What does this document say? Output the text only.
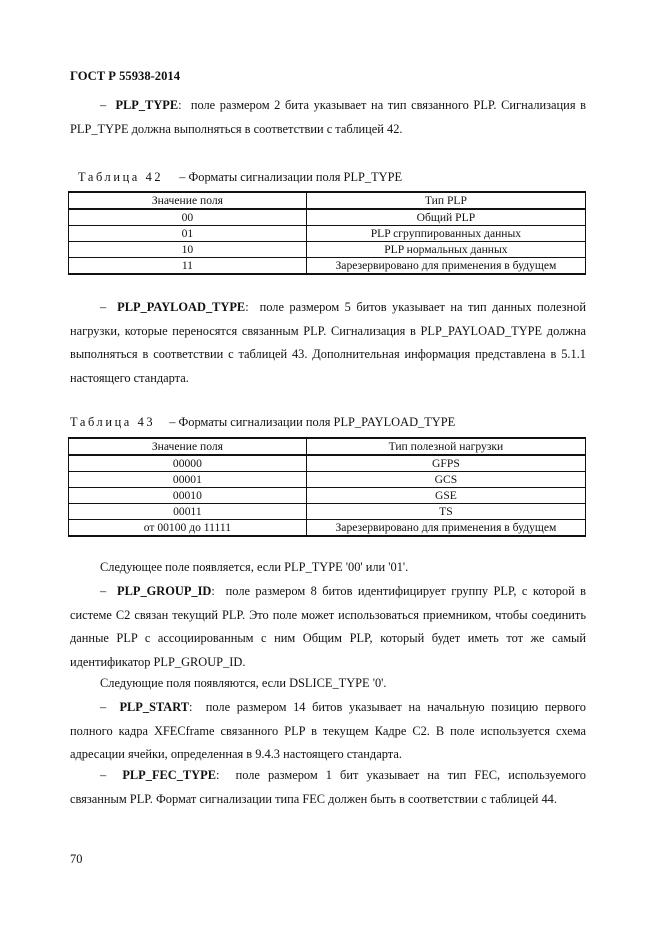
ГОСТ Р 55938-2014

– PLP_TYPE: поле размером 2 бита указывает на тип связанного PLP. Сигнализация в PLP_TYPE должна выполняться в соответствии с таблицей 42.

Таблица 42 – Форматы сигнализации поля PLP_TYPE
Значение поля	Тип PLP
00	Общий PLP
01	PLP сгруппированных данных
10	PLP нормальных данных
11	Зарезервировано для применения в будущем

– PLP_PAYLOAD_TYPE: поле размером 5 битов указывает на тип данных полезной нагрузки, которые переносятся связанным PLP. Сигнализация в PLP_PAYLOAD_TYPE должна выполняться в соответствии с таблицей 43. Дополнительная информация представлена в 5.1.1 настоящего стандарта.

Таблица 43 – Форматы сигнализации поля PLP_PAYLOAD_TYPE
Значение поля	Тип полезной нагрузки
00000	GFPS
00001	GCS
00010	GSE
00011	TS
от 00100 до 11111	Зарезервировано для применения в будущем

Следующее поле появляется, если PLP_TYPE '00' или '01'.

– PLP_GROUP_ID: поле размером 8 битов идентифицирует группу PLP, с которой в системе C2 связан текущий PLP. Это поле может использоваться приемником, чтобы соединить данные PLP с ассоциированным с ним Общим PLP, который будет иметь тот же самый идентификатор PLP_GROUP_ID.

Следующие поля появляются, если DSLICE_TYPE '0'.

– PLP_START: поле размером 14 битов указывает на начальную позицию первого полного кадра XFECframe связанного PLP в текущем Кадре C2. В поле используется схема адресации ячейки, определенная в 9.4.3 настоящего стандарта.

– PLP_FEC_TYPE: поле размером 1 бит указывает на тип FEC, используемого связанным PLP. Формат сигнализации типа FEC должен быть в соответствии с таблицей 44.

70
